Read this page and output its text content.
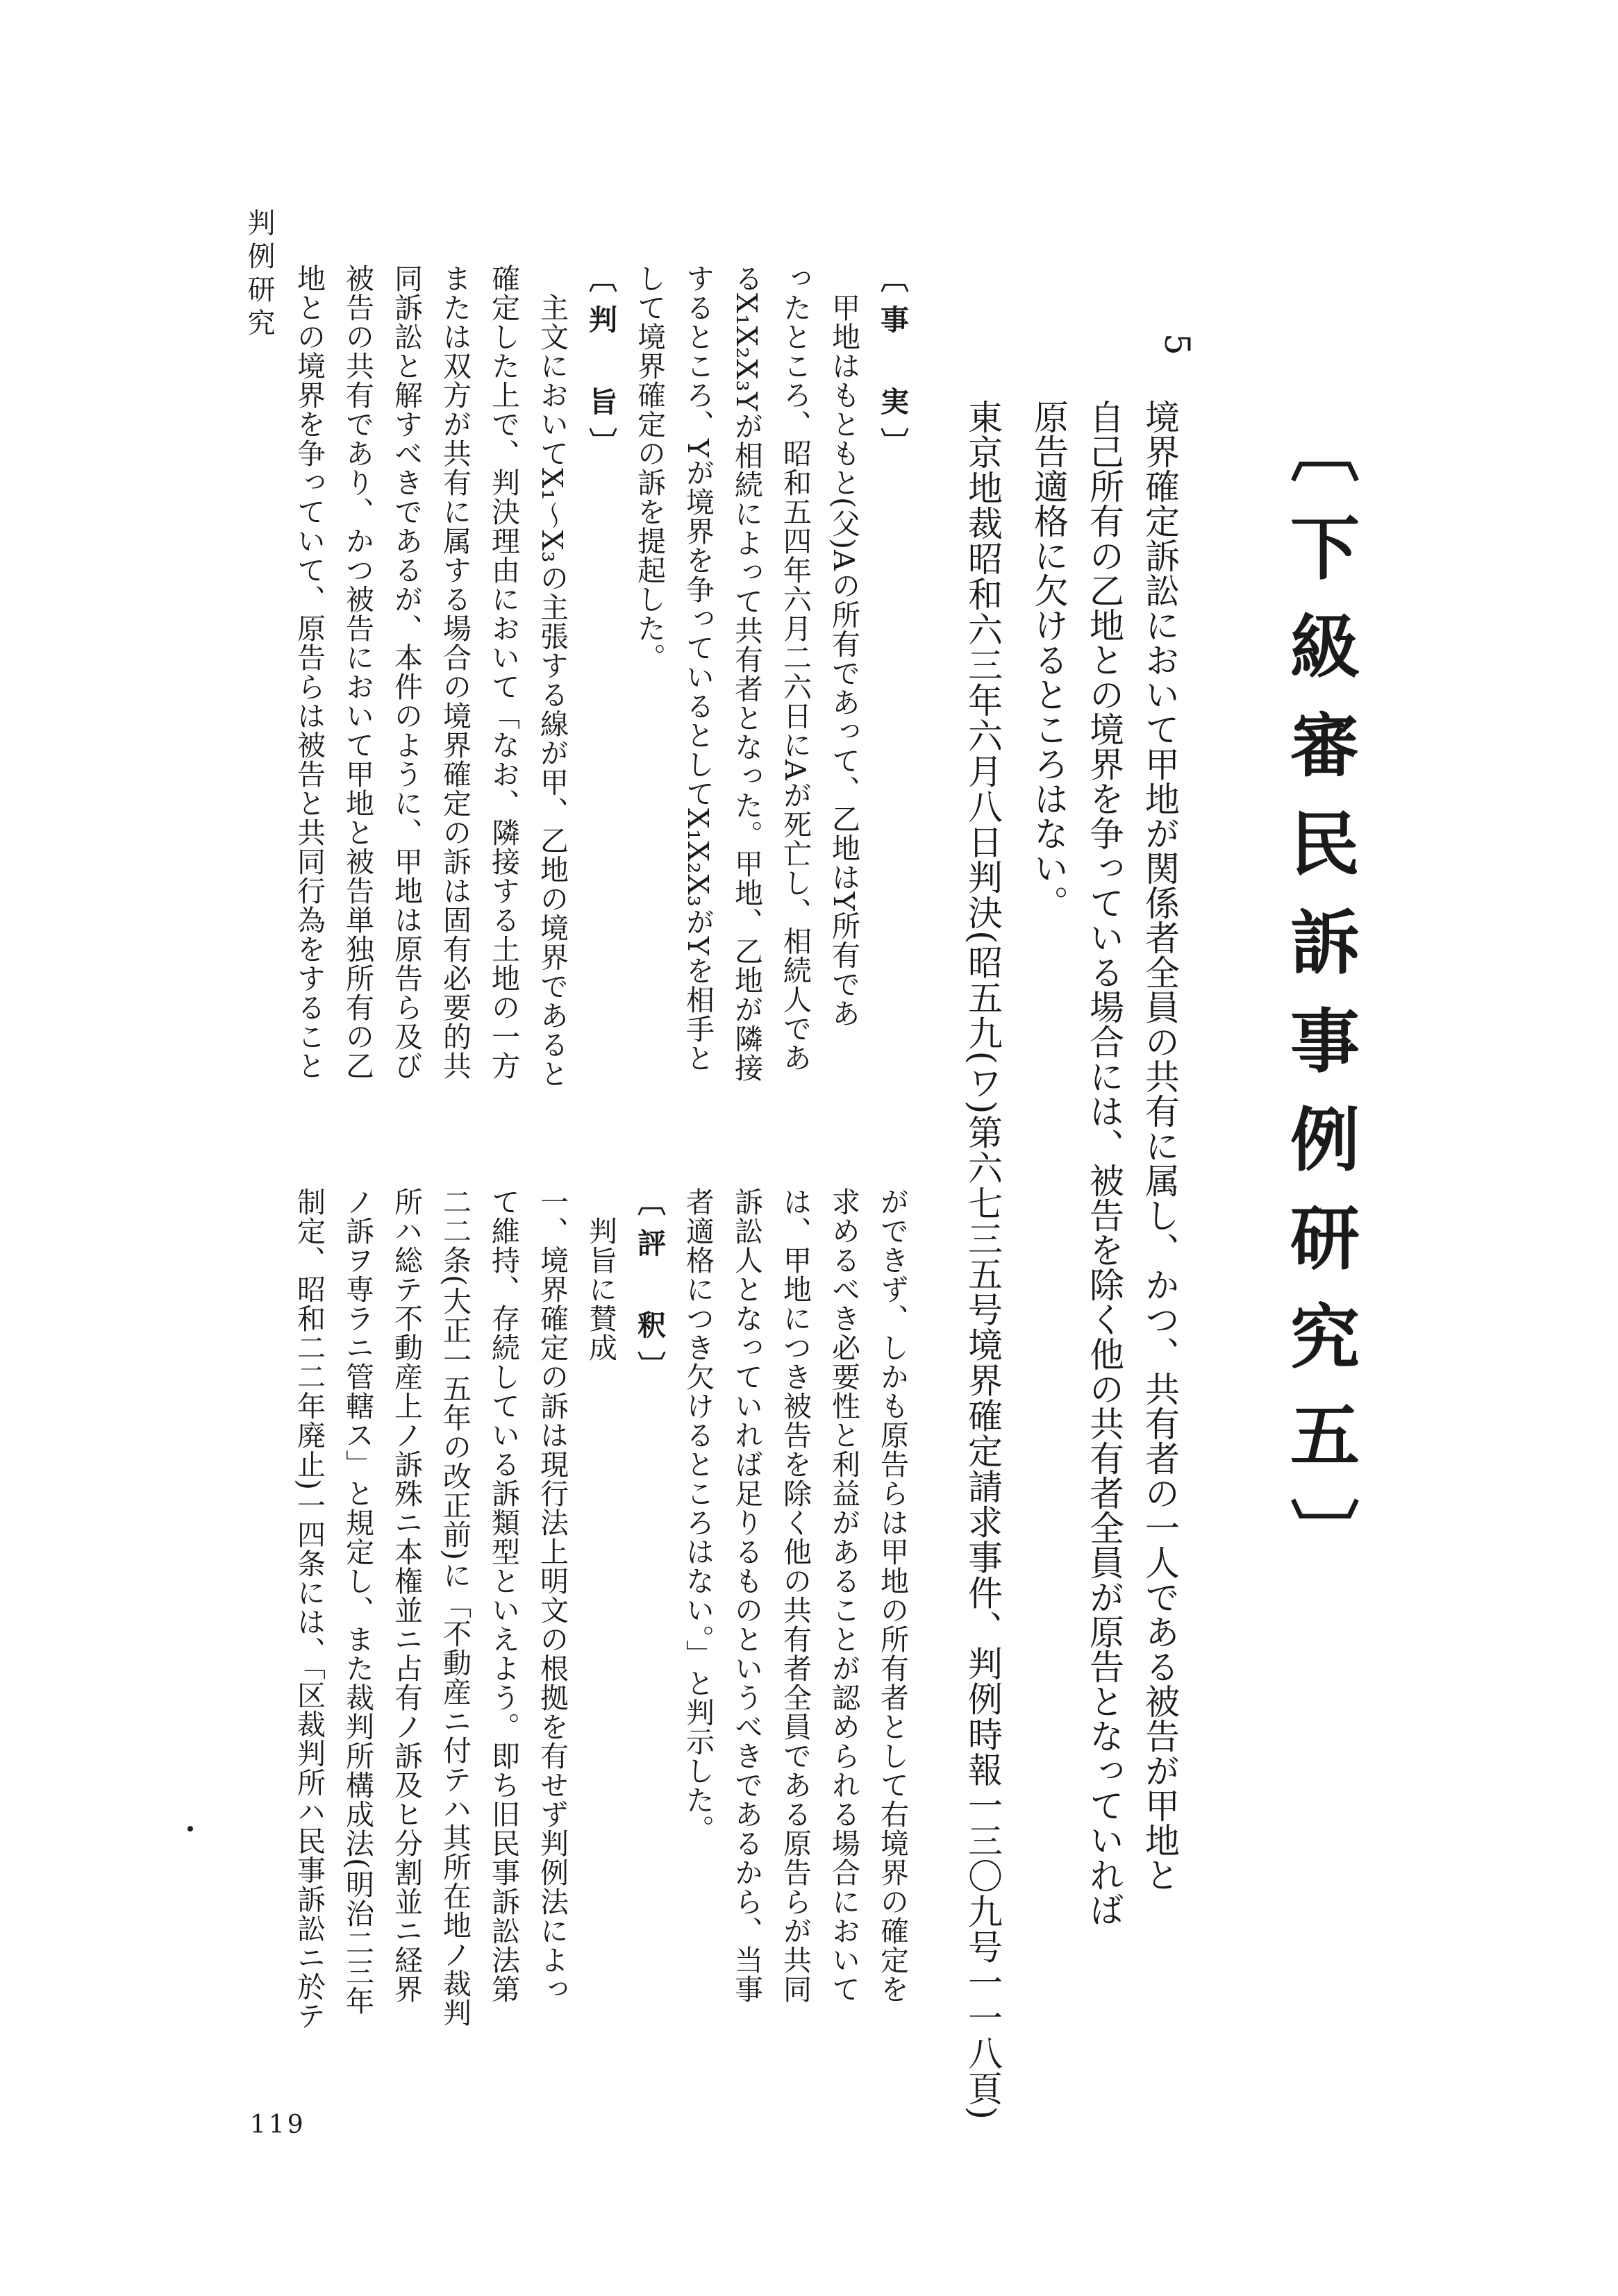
判例研究

〔下級審民訴事例研究五〕

5

境界確定訴訟において甲地が関係者全員の共有に属し、かつ、共有者の一人である被告が甲地と
自己所有の乙地との境界を争っている場合には、被告を除く他の共有者全員が原告となっていれば
原告適格に欠けるところはない。

東京地裁昭和六三年六月八日判決(昭五九(ワ)第六七三五号境界確定請求事件、判例時報一三〇九号一一八頁)

〔事　実〕
　甲地はもともと(父)Aの所有であって、乙地はY所有であ
ったところ、昭和五四年六月二六日にAが死亡し、相続人であ
るX₁X₂X₃Yが相続によって共有者となった。甲地、乙地が隣接
するところ、Yが境界を争っているとしてX₁X₂X₃がYを相手と
して境界確定の訴を提起した。
〔判　旨〕
　主文においてX₁～X₃の主張する線が甲、乙地の境界であると
確定した上で、判決理由において「なお、隣接する土地の一方
または双方が共有に属する場合の境界確定の訴は固有必要的共
同訴訟と解すべきであるが、本件のように、甲地は原告ら及び
被告の共有であり、かつ被告において甲地と被告単独所有の乙
地との境界を争っていて、原告らは被告と共同行為をすること
ができず、しかも原告らは甲地の所有者として右境界の確定を
求めるべき必要性と利益があることが認められる場合において
は、甲地につき被告を除く他の共有者全員である原告らが共同
訴訟人となっていれば足りるものというべきであるから、当事
者適格につき欠けるところはない。」と判示した。
〔評　釈〕
　判旨に賛成
一、境界確定の訴は現行法上明文の根拠を有せず判例法によっ
て維持、存続している訴類型といえよう。即ち旧民事訴訟法第
二二条(大正一五年の改正前)に「不動産ニ付テハ其所在地ノ裁判
所ハ総テ不動産上ノ訴殊ニ本権並ニ占有ノ訴及ヒ分割並ニ経界
ノ訴ヲ専ラニ管轄ス」と規定し、また裁判所構成法(明治二三年
制定、昭和二二年廃止)一四条には、「区裁判所ハ民事訴訟ニ於テ

119
